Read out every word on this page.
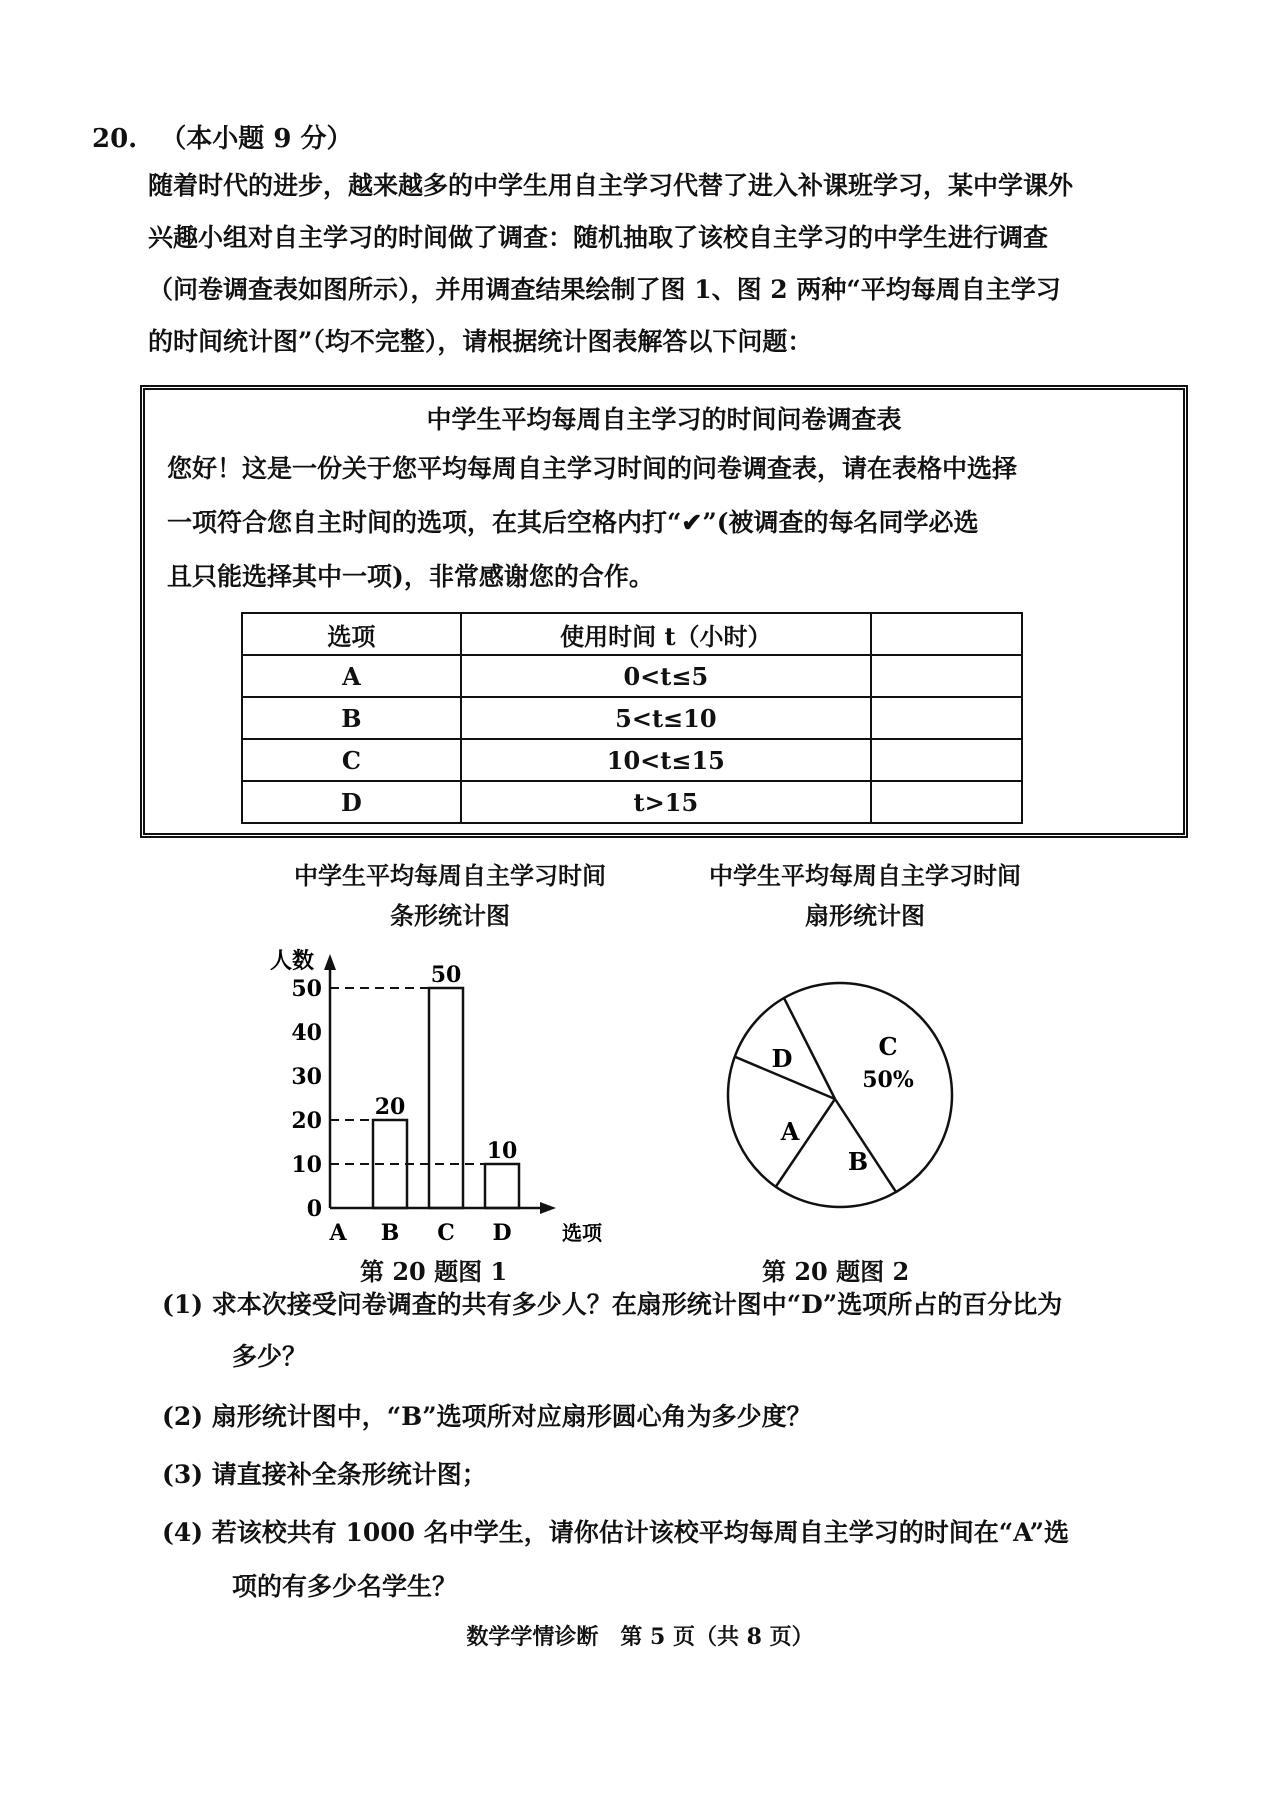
20. （本小题 9 分）

随着时代的进步，越来越多的中学生用自主学习代替了进入补课班学习，某中学课外

兴趣小组对自主学习的时间做了调查：随机抽取了该校自主学习的中学生进行调查

（问卷调查表如图所示），并用调查结果绘制了图 1、图 2 两种“平均每周自主学习

的时间统计图”（均不完整），请根据统计图表解答以下问题：

中学生平均每周自主学习的时间问卷调查表

您好！这是一份关于您平均每周自主学习时间的问卷调查表，请在表格中选择

一项符合您自主时间的选项，在其后空格内打“✔”(被调查的每名同学必选

且只能选择其中一项)，非常感谢您的合作。

选项	使用时间 t（小时）	
A	0<t≤5	
B	5<t≤10	
C	10<t≤15	
D	t>15	
中学生平均每周自主学习时间
条形统计图
中学生平均每周自主学习时间
扇形统计图
人数
选项
0
10
20
30
40
50
A
20
B
50
C
10
D
C
50%
B
A
D
第 20 题图 1	第 20 题图 2
(1) 求本次接受问卷调查的共有多少人？在扇形统计图中“D”选项所占的百分比为
多少？
(2) 扇形统计图中，“B”选项所对应扇形圆心角为多少度？
(3) 请直接补全条形统计图；
(4) 若该校共有 1000 名中学生，请你估计该校平均每周自主学习的时间在“A”选
项的有多少名学生？
数学学情诊断　第 5 页（共 8 页）
